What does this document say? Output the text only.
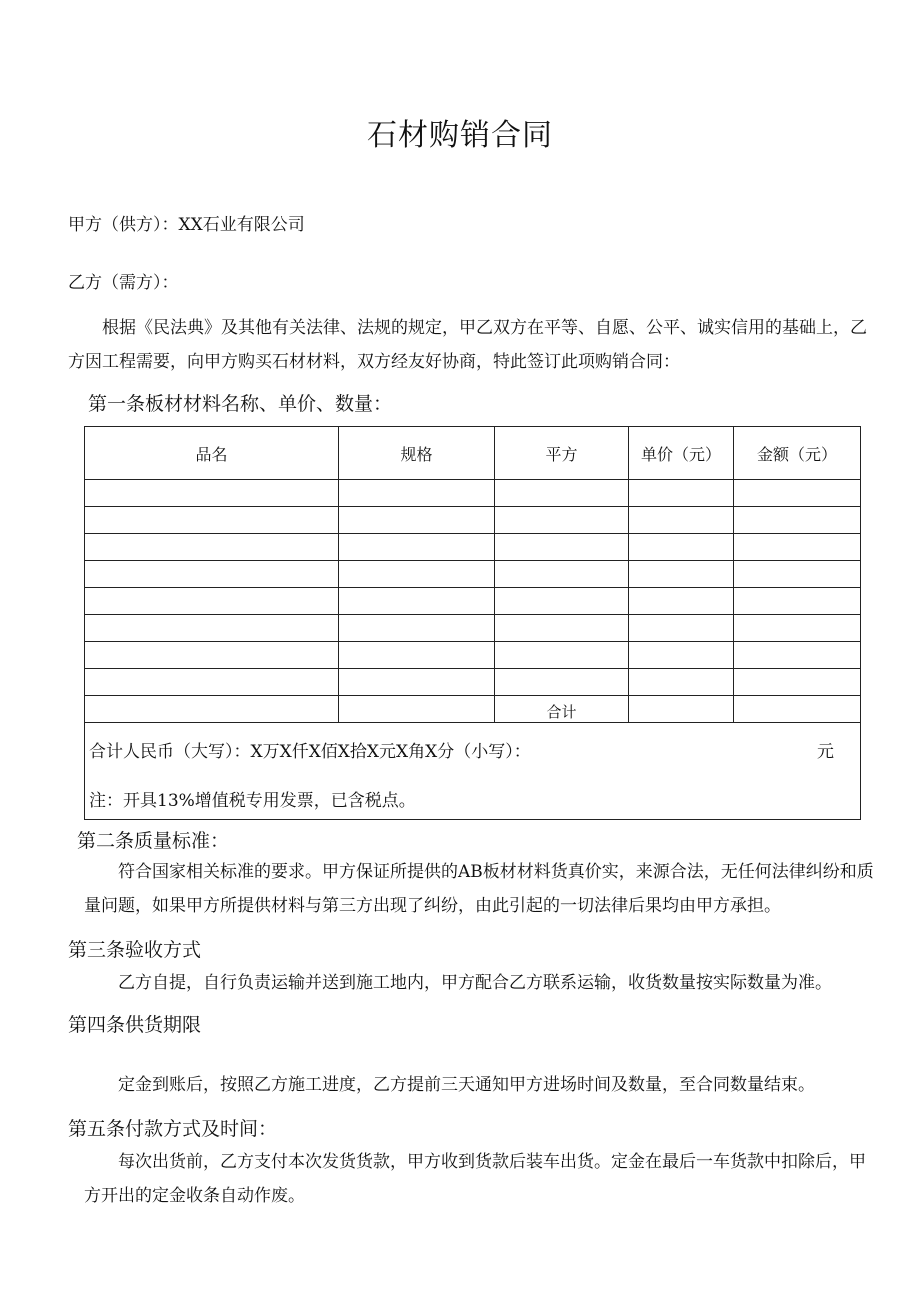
石材购销合同
甲方（供方）：XX石业有限公司
乙方（需方）：
根据《民法典》及其他有关法律、法规的规定，甲乙双方在平等、自愿、公平、诚实信用的基础上，乙方因工程需要，向甲方购买石材材料，双方经友好协商，特此签订此项购销合同：
第一条板材材料名称、单价、数量：
品名	规格	平方	单价（元）	金额（元）

		合计		
合计人民币（大写）：X万X仟X佰X拾X元X角X分（小写）：	元
注：开具13%增值税专用发票，已含税点。
第二条质量标准：
符合国家相关标准的要求。甲方保证所提供的AB板材材料货真价实，来源合法，无任何法律纠纷和质量问题，如果甲方所提供材料与第三方出现了纠纷，由此引起的一切法律后果均由甲方承担。
第三条验收方式
乙方自提，自行负责运输并送到施工地内，甲方配合乙方联系运输，收货数量按实际数量为准。
第四条供货期限
定金到账后，按照乙方施工进度，乙方提前三天通知甲方进场时间及数量，至合同数量结束。
第五条付款方式及时间：
每次出货前，乙方支付本次发货货款，甲方收到货款后装车出货。定金在最后一车货款中扣除后，甲方开出的定金收条自动作废。
